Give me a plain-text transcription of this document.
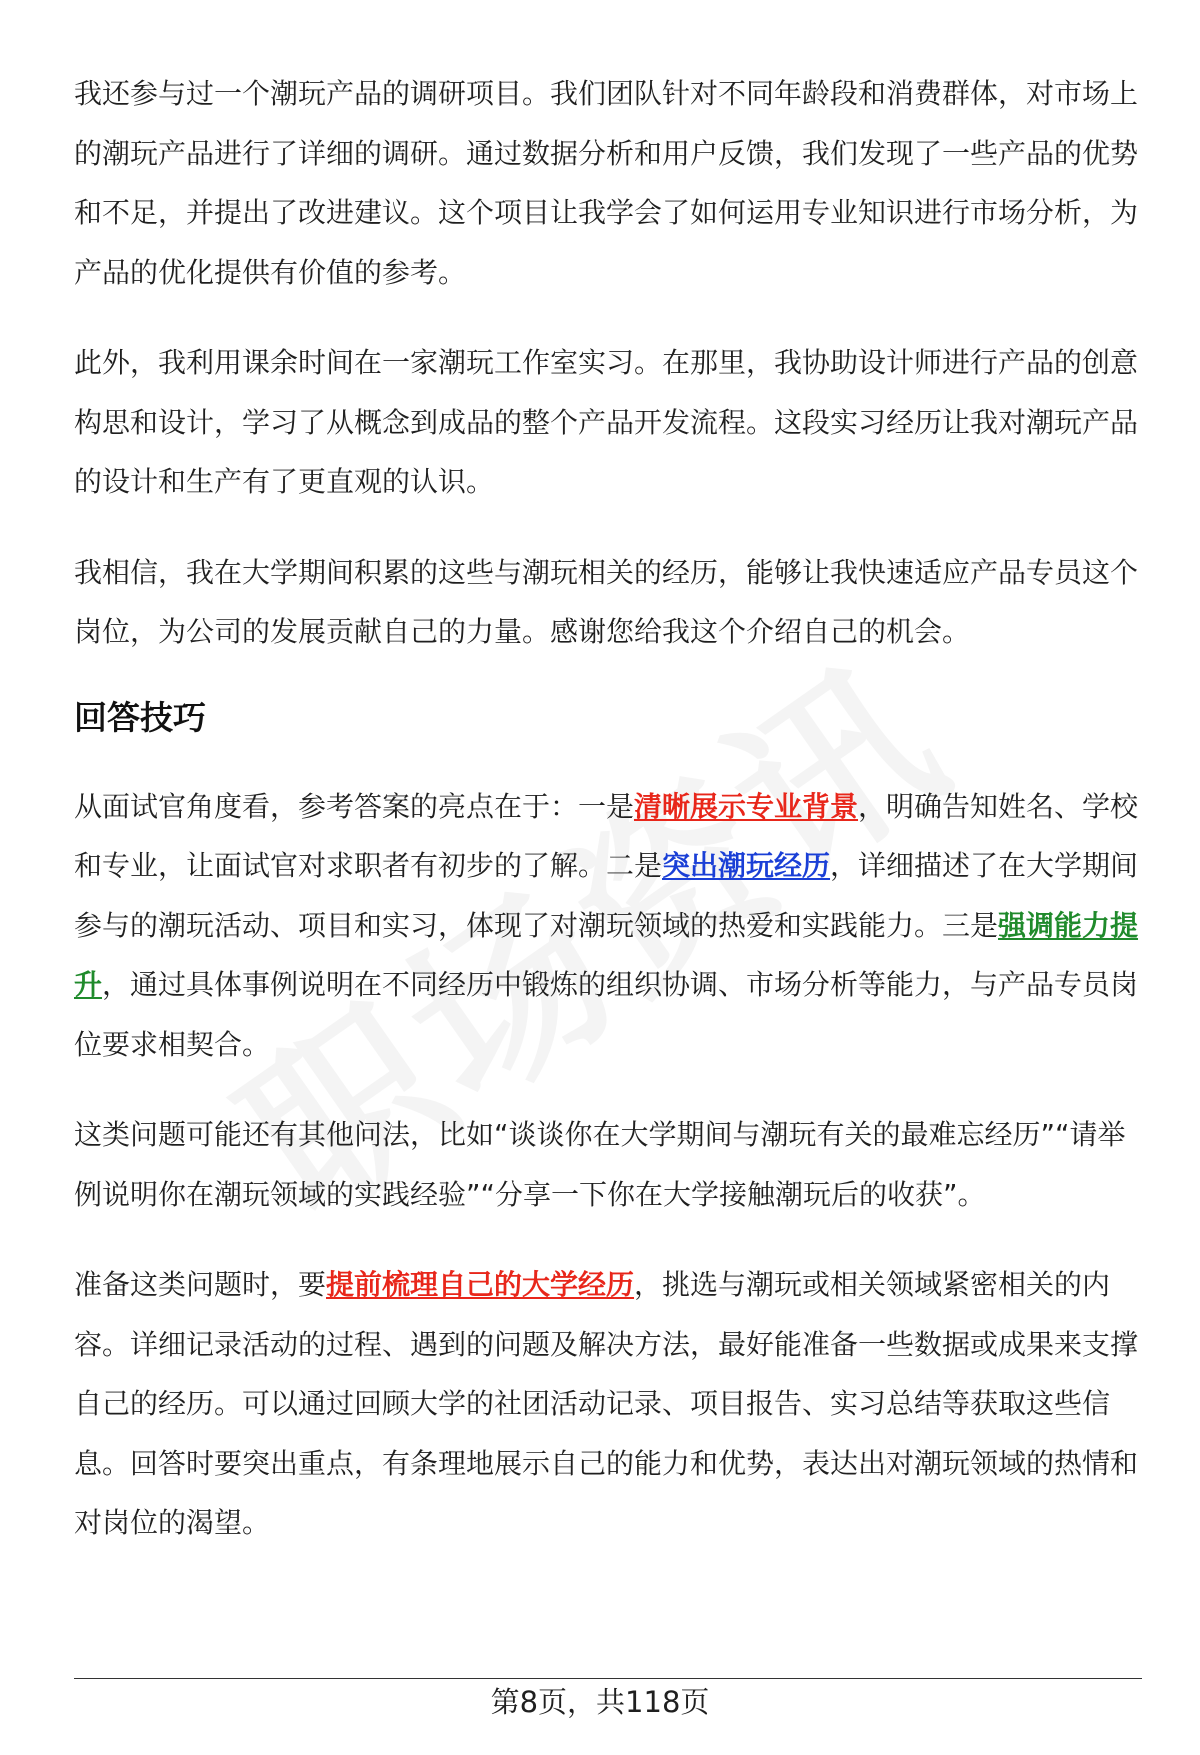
我还参与过一个潮玩产品的调研项目。我们团队针对不同年龄段和消费群体，对市场上的潮玩产品进行了详细的调研。通过数据分析和用户反馈，我们发现了一些产品的优势和不足，并提出了改进建议。这个项目让我学会了如何运用专业知识进行市场分析，为产品的优化提供有价值的参考。

此外，我利用课余时间在一家潮玩工作室实习。在那里，我协助设计师进行产品的创意构思和设计，学习了从概念到成品的整个产品开发流程。这段实习经历让我对潮玩产品的设计和生产有了更直观的认识。

我相信，我在大学期间积累的这些与潮玩相关的经历，能够让我快速适应产品专员这个岗位，为公司的发展贡献自己的力量。感谢您给我这个介绍自己的机会。

回答技巧

从面试官角度看，参考答案的亮点在于：一是清晰展示专业背景，明确告知姓名、学校和专业，让面试官对求职者有初步的了解。二是突出潮玩经历，详细描述了在大学期间参与的潮玩活动、项目和实习，体现了对潮玩领域的热爱和实践能力。三是强调能力提升，通过具体事例说明在不同经历中锻炼的组织协调、市场分析等能力，与产品专员岗位要求相契合。

这类问题可能还有其他问法，比如“谈谈你在大学期间与潮玩有关的最难忘经历”“请举例说明你在潮玩领域的实践经验”“分享一下你在大学接触潮玩后的收获”。

准备这类问题时，要提前梳理自己的大学经历，挑选与潮玩或相关领域紧密相关的内容。详细记录活动的过程、遇到的问题及解决方法，最好能准备一些数据或成果来支撑自己的经历。可以通过回顾大学的社团活动记录、项目报告、实习总结等获取这些信息。回答时要突出重点，有条理地展示自己的能力和优势，表达出对潮玩领域的热情和对岗位的渴望。

第8页，共118页
